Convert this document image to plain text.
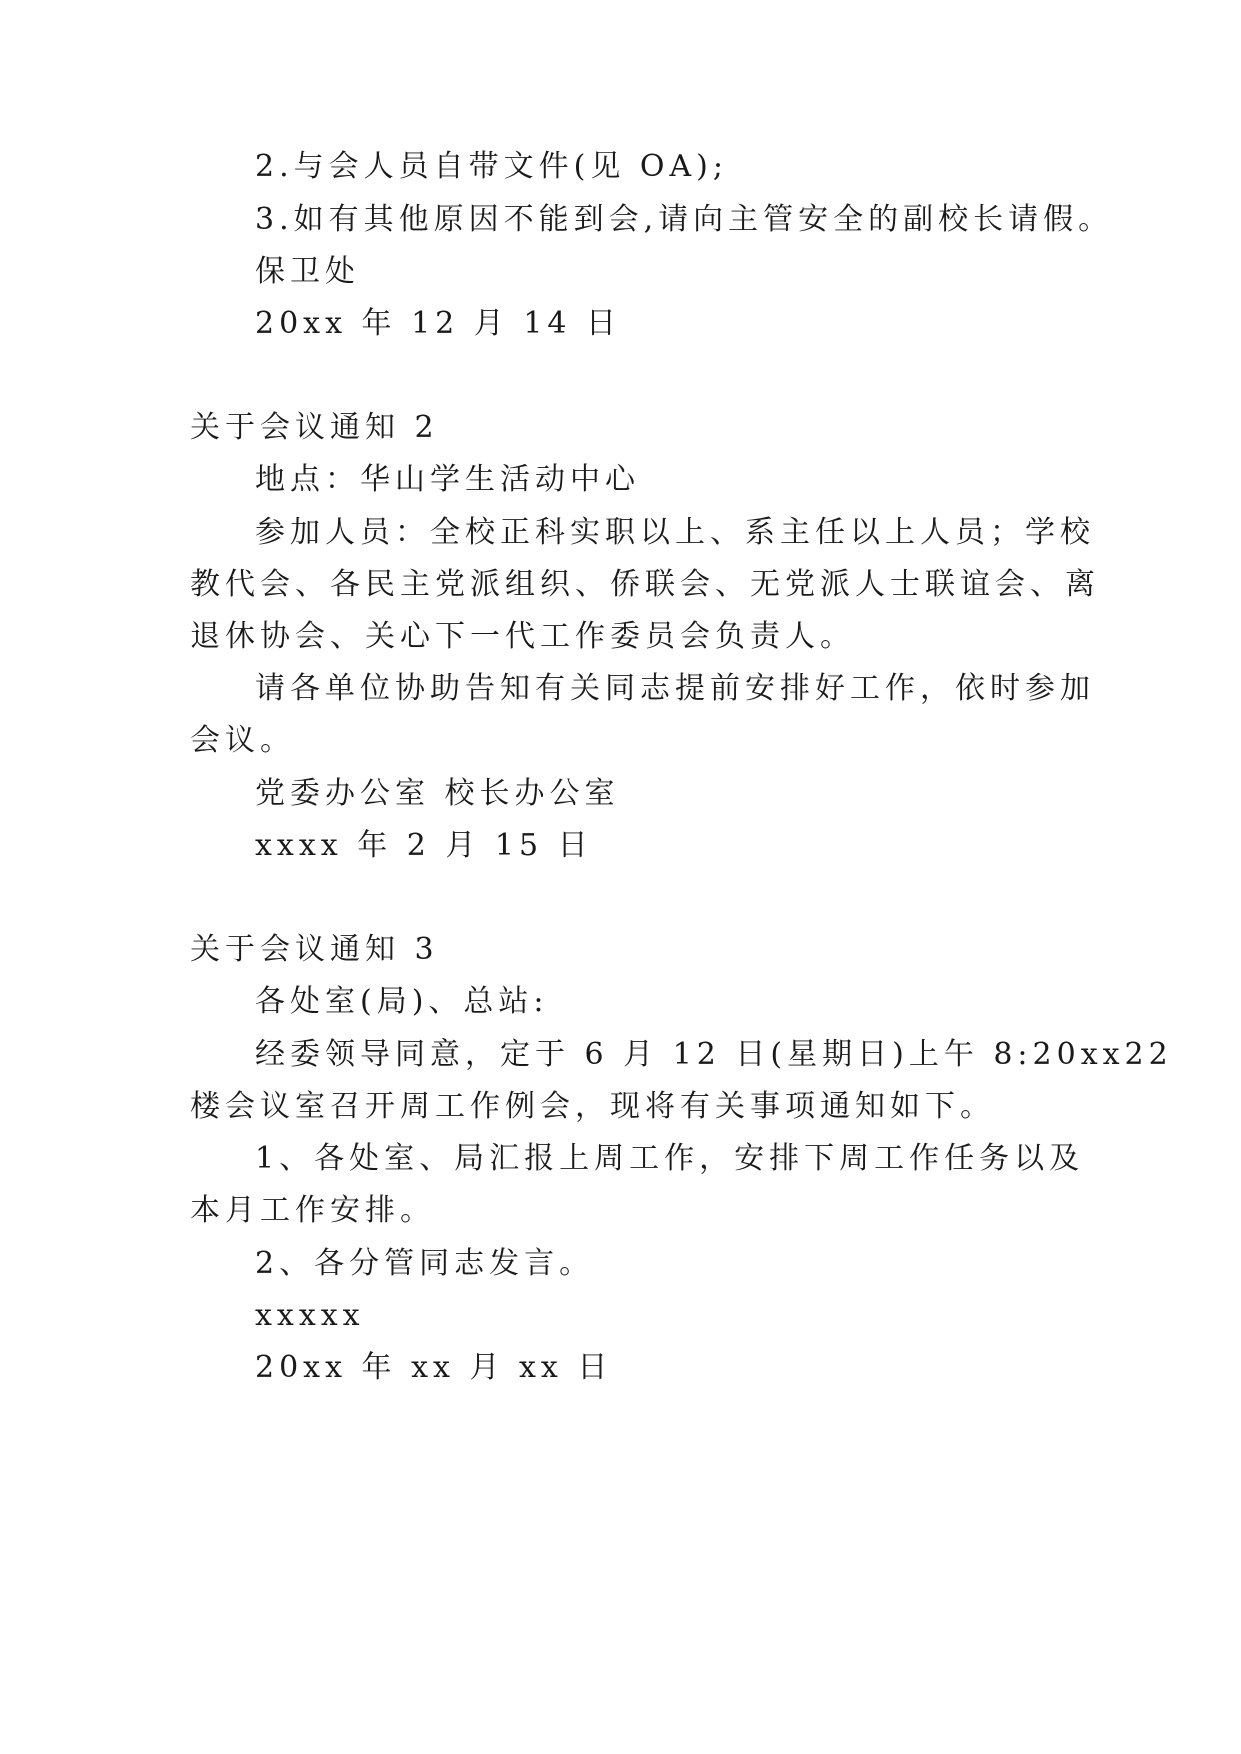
2.与会人员自带文件(见 OA);

3.如有其他原因不能到会,请向主管安全的副校长请假。

保卫处

20xx 年 12 月 14 日

关于会议通知 2

地点：华山学生活动中心

参加人员：全校正科实职以上、系主任以上人员；学校

教代会、各民主党派组织、侨联会、无党派人士联谊会、离

退休协会、关心下一代工作委员会负责人。

请各单位协助告知有关同志提前安排好工作，依时参加

会议。

党委办公室 校长办公室

xxxx 年 2 月 15 日

关于会议通知 3

各处室(局)、总站:

经委领导同意，定于 6 月 12 日(星期日)上午 8:20xx22

楼会议室召开周工作例会，现将有关事项通知如下。

1、各处室、局汇报上周工作，安排下周工作任务以及

本月工作安排。

2、各分管同志发言。

xxxxx

20xx 年 xx 月 xx 日
